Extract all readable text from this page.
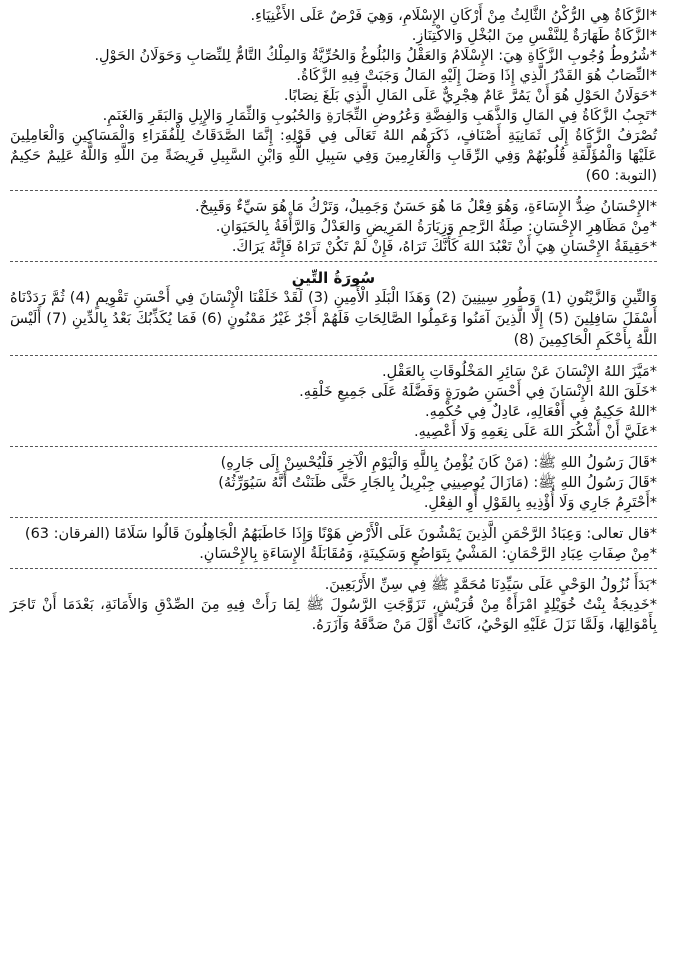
*الزَّكَاةُ هِي الرُّكْنُ الثَّالِثُ مِنْ أَرْكَانِ الإِسْلَامِ، وَهِيَ فَرْضٌ عَلَى الأَغْنِيَاءِ.

*الزَّكَاةُ طَهَارَةٌ لِلنَّفْسِ مِنَ البُخْلِ وَالاكْتِنَازِ.

*شُرُوطُ وُجُوبِ الزَّكَاةِ هِيَ: الإِسْلَامُ وَالعَقْلُ وَالبُلُوغُ وَالحُرِّيَّةُ وَالمِلْكُ التَّامُّ لِلنِّصَابِ وَحَوَلَانُ الحَوْلِ.

*النِّصَابُ هُوَ القَدْرُ الَّذِي إِذَا وَصَلَ إِلَيْهِ المَالُ وَجَبَتْ فِيهِ الزَّكَاةُ.

*حَوَلَانُ الحَوْلِ هُوَ أَنْ يَمُرَّ عَامٌ هِجْرِيٌّ عَلَى المَالِ الَّذِي بَلَغَ نِصَابًا.

*تَجِبُ الزَّكَاةُ فِي المَالِ وَالذَّهَبِ وَالفِضَّةِ وَعُرُوضِ التِّجَارَةِ وَالحُبُوبِ وَالثِّمَارِ وَالإِبِلِ وَالبَقَرِ وَالغَنَمِ.

تُصْرَفُ الزَّكَاةُ إِلَى ثَمَانِيَةِ أَصْنَافٍ، ذَكَرَهُم اللهُ تَعَالَى فِي قَوْلِهِ: إِنَّمَا الصَّدَقَاتُ لِلْفُقَرَاءِ وَالْمَسَاكِينِ وَالْعَامِلِينَ عَلَيْهَا وَالْمُؤَلَّفَةِ قُلُوبُهُمْ وَفِي الرِّقَابِ وَالْغَارِمِينَ وَفِي سَبِيلِ اللَّهِ وَابْنِ السَّبِيلِ فَرِيضَةً مِنَ اللَّهِ وَاللَّهُ عَلِيمٌ حَكِيمٌ (التوبة: 60)

*الإِحْسَانُ ضِدُّ الإِسَاءَةِ، وَهُوَ فِعْلُ مَا هُوَ حَسَنٌ وَجَمِيلٌ، وَتَرْكُ مَا هُوَ سَيِّءٌ وَقَبِيحٌ.

*مِنْ مَظَاهِرِ الإِحْسَانِ: صِلَةُ الرَّحِمِ وَزِيَارَةُ المَرِيضِ وَالعَدْلُ وَالرَّأْفَةُ بِالحَيَوَانِ.

*حَقِيقَةُ الإِحْسَانِ هِيَ أَنْ تَعْبُدَ اللهَ كَأَنَّكَ تَرَاهُ، فَإِنْ لَمْ تَكُنْ تَرَاهُ فَإِنَّهُ يَرَاكَ.

سُورَةُ التِّينِ

وَالتِّينِ وَالزَّيْتُونِ (1) وَطُورِ سِينِينَ (2) وَهَذَا الْبَلَدِ الْأَمِينِ (3) لَقَدْ خَلَقْنَا الْإِنْسَانَ فِي أَحْسَنِ تَقْوِيمٍ (4) ثُمَّ رَدَدْنَاهُ أَسْفَلَ سَافِلِينَ (5) إِلَّا الَّذِينَ آمَنُوا وَعَمِلُوا الصَّالِحَاتِ فَلَهُمْ أَجْرٌ غَيْرُ مَمْنُونٍ (6) فَمَا يُكَذِّبُكَ بَعْدُ بِالدِّينِ (7) أَلَيْسَ اللَّهُ بِأَحْكَمِ الْحَاكِمِينَ (8)

*مَيَّزَ اللهُ الإِنْسَانَ عَنْ سَائِرِ المَخْلُوقَاتِ بِالعَقْلِ.

*خَلَقَ اللهُ الإِنْسَانَ فِي أَحْسَنِ صُورَةٍ وَفَضَّلَهُ عَلَى جَمِيعِ خَلْقِهِ.

*اللهُ حَكِيمٌ فِي أَفْعَالِهِ، عَادِلٌ فِي حُكْمِهِ.

*عَلَيَّ أَنْ أَشْكُرَ اللهَ عَلَى نِعَمِهِ وَلَا أَعْصِيهِ.

*قَالَ رَسُولُ اللهِ ﷺ: (مَنْ كَانَ يُؤْمِنُ بِاللَّهِ وَالْيَوْمِ الْآخِرِ فَلْيُحْسِنْ إِلَى جَارِهِ)

*قَالَ رَسُولُ اللهِ ﷺ: (مَازَالَ يُوصِينِي جِبْرِيلُ بِالجَارِ حَتَّى ظَنَنْتُ أَنَّهُ سَيُوَرِّثُهُ)

*أَحْتَرِمُ جَارِي وَلَا أُؤْذِيهِ بِالقَوْلِ أَوِ الفِعْلِ.

*قال تعالى: وَعِبَادُ الرَّحْمَنِ الَّذِينَ يَمْشُونَ عَلَى الْأَرْضِ هَوْنًا وَإِذَا خَاطَبَهُمُ الْجَاهِلُونَ قَالُوا سَلَامًا (الفرقان: 63)

*مِنْ صِفَاتِ عِبَادِ الرَّحْمَانِ: المَشْيُ بِتَوَاضُعٍ وَسَكِينَةٍ، وَمُقَابَلَةُ الإِسَاءَةِ بِالإِحْسَانِ.

*بَدَأَ نُزُولُ الوَحْيِ عَلَى سَيِّدِنَا مُحَمَّدٍ ﷺ فِي سِنِّ الأَرْبَعِينَ.

*خَدِيجَةُ بِنْتُ خُوَيْلِدٍ امْرَأَةٌ مِنْ قُرَيْشٍ، تَزَوَّجَتِ الرَّسُولَ ﷺ لِمَا رَأَتْ فِيهِ مِنَ الصِّدْقِ وَالأَمَانَةِ، بَعْدَمَا أَنْ تَاجَرَ بِأَمْوَالِهَا، وَلَمَّا نَزَلَ عَلَيْهِ الوَحْيُ، كَانَتْ أَوَّلَ مَنْ صَدَّقَهُ وَآزَرَهُ.
